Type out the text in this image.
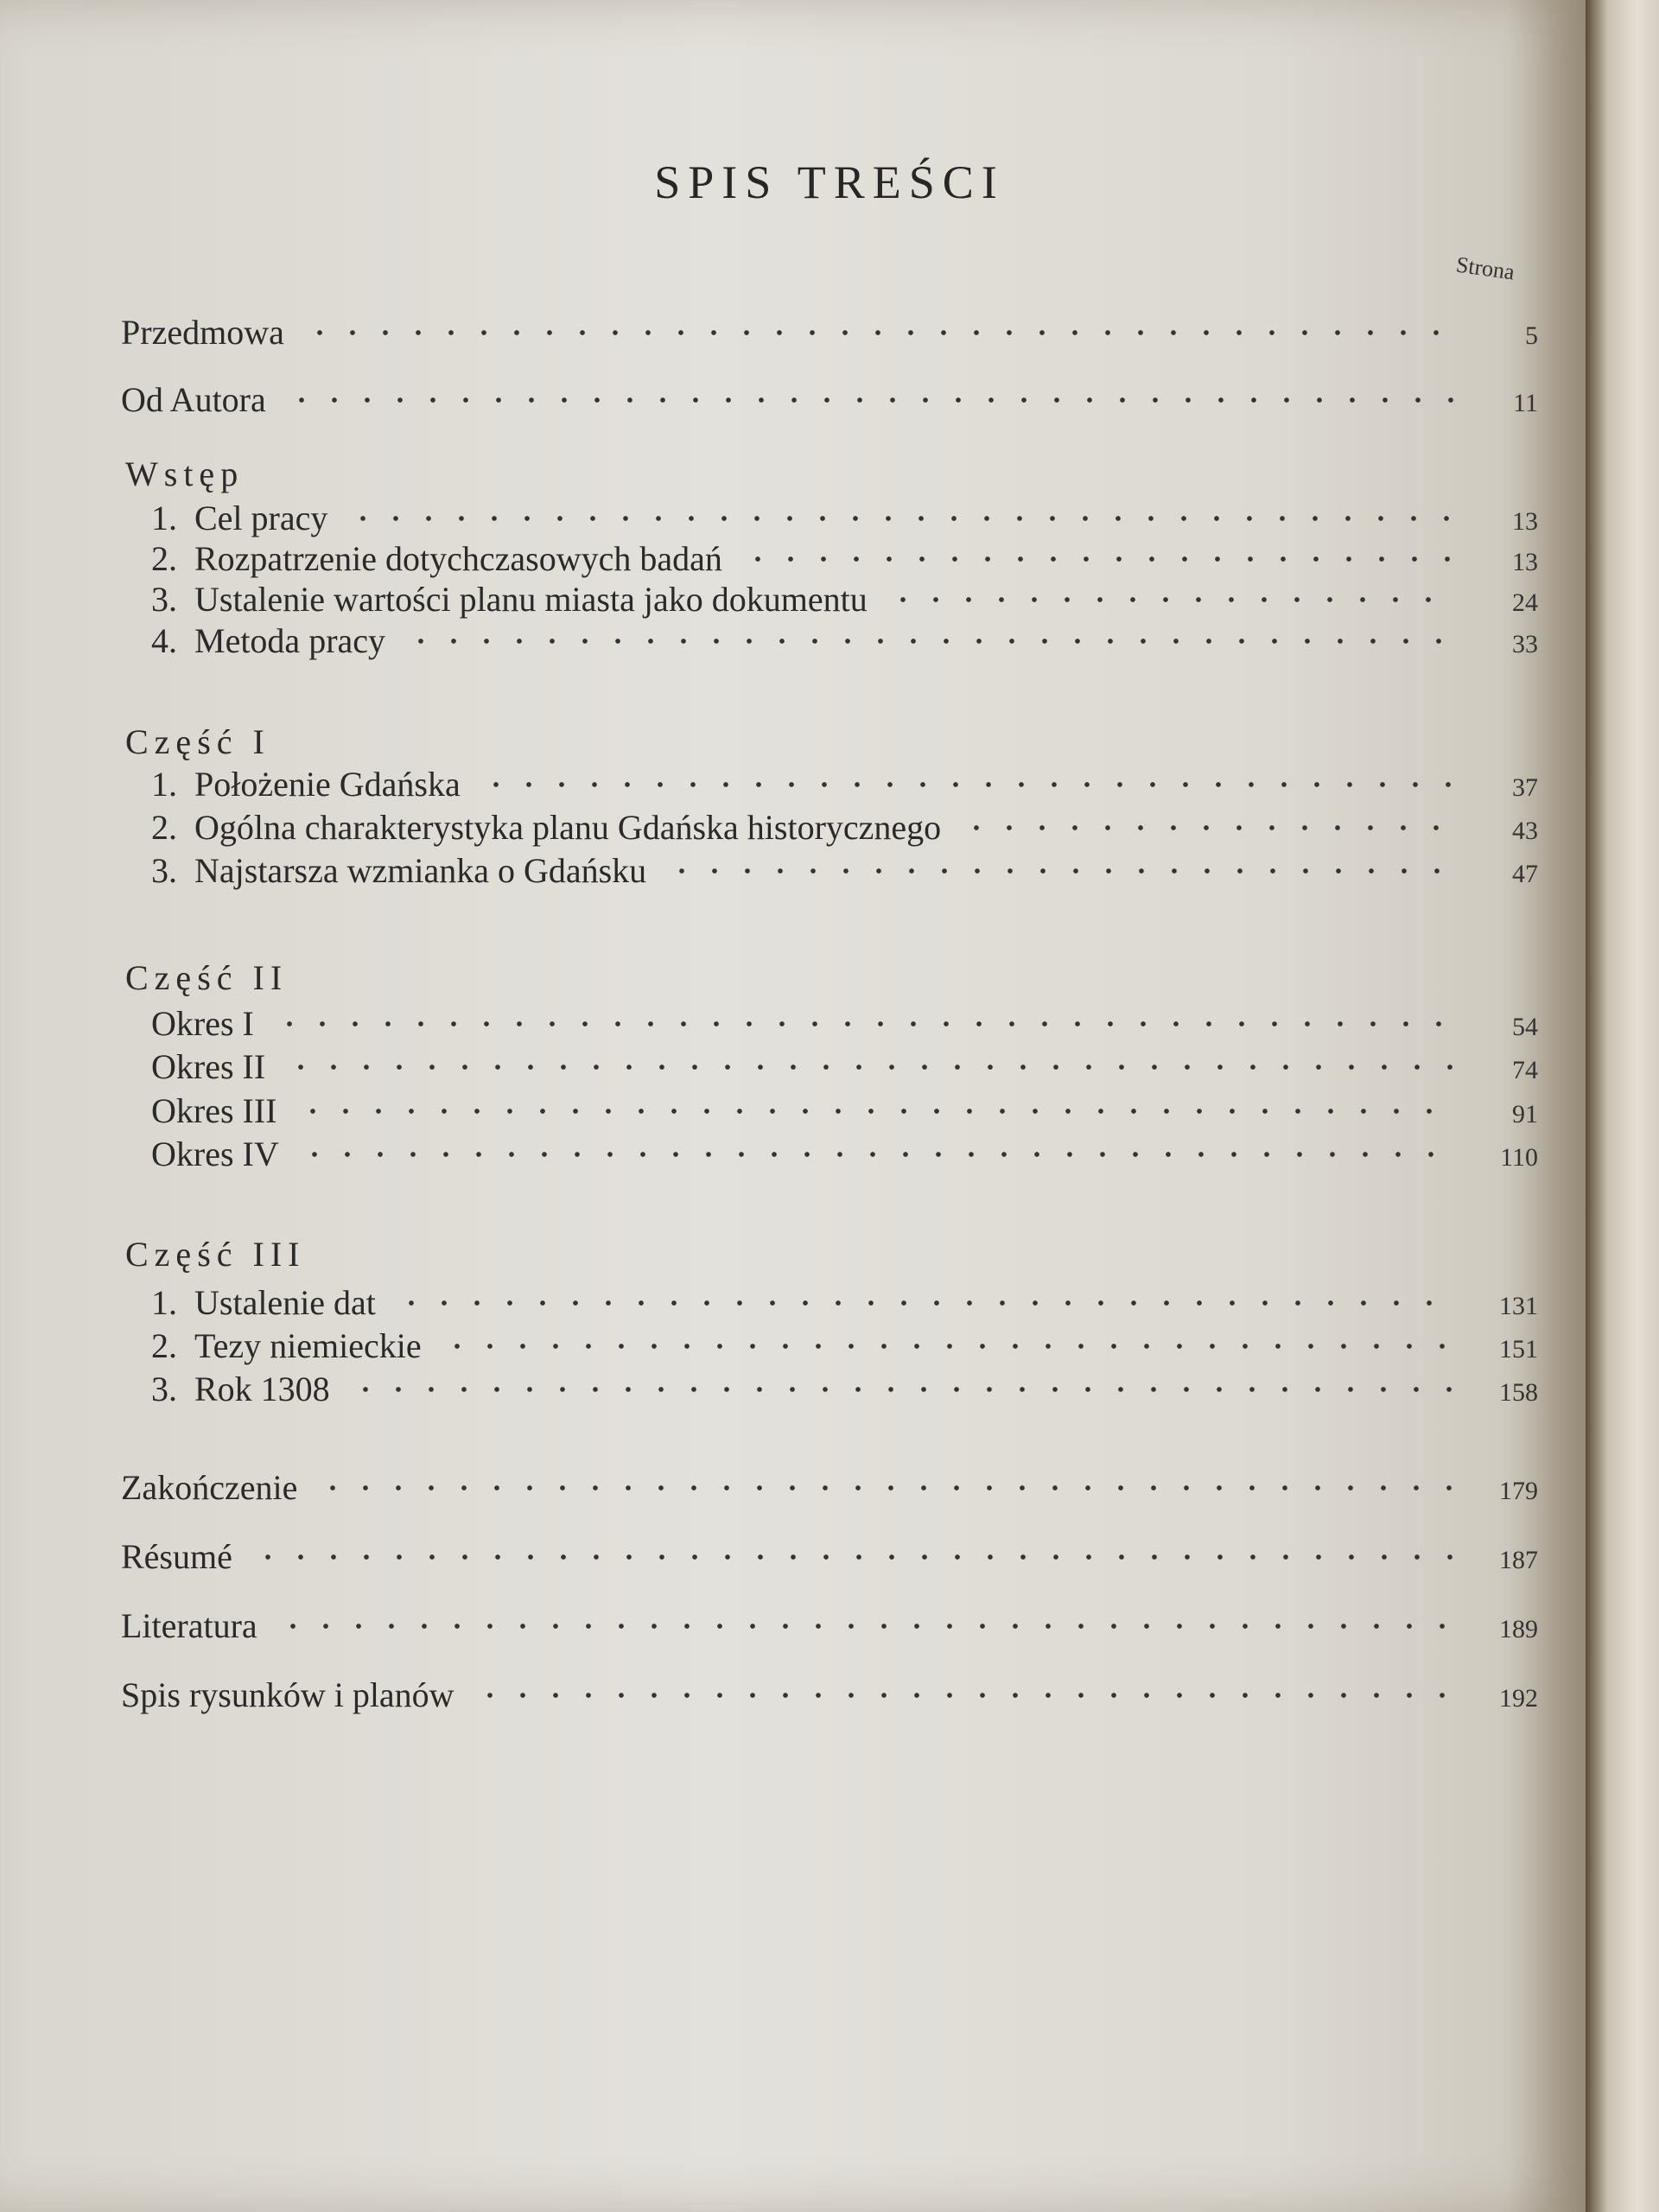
SPIS TREŚCI
Strona
Przedmowa	5
Od Autora	11
Wstęp
1. Cel pracy	13
2. Rozpatrzenie dotychczasowych badań	13
3. Ustalenie wartości planu miasta jako dokumentu	24
4. Metoda pracy	33
Część I
1. Położenie Gdańska	37
2. Ogólna charakterystyka planu Gdańska historycznego	43
3. Najstarsza wzmianka o Gdańsku	47
Część II
Okres I	54
Okres II	74
Okres III	91
Okres IV	110
Część III
1. Ustalenie dat	131
2. Tezy niemieckie	151
3. Rok 1308	158
Zakończenie	179
Résumé	187
Literatura	189
Spis rysunków i planów	192
